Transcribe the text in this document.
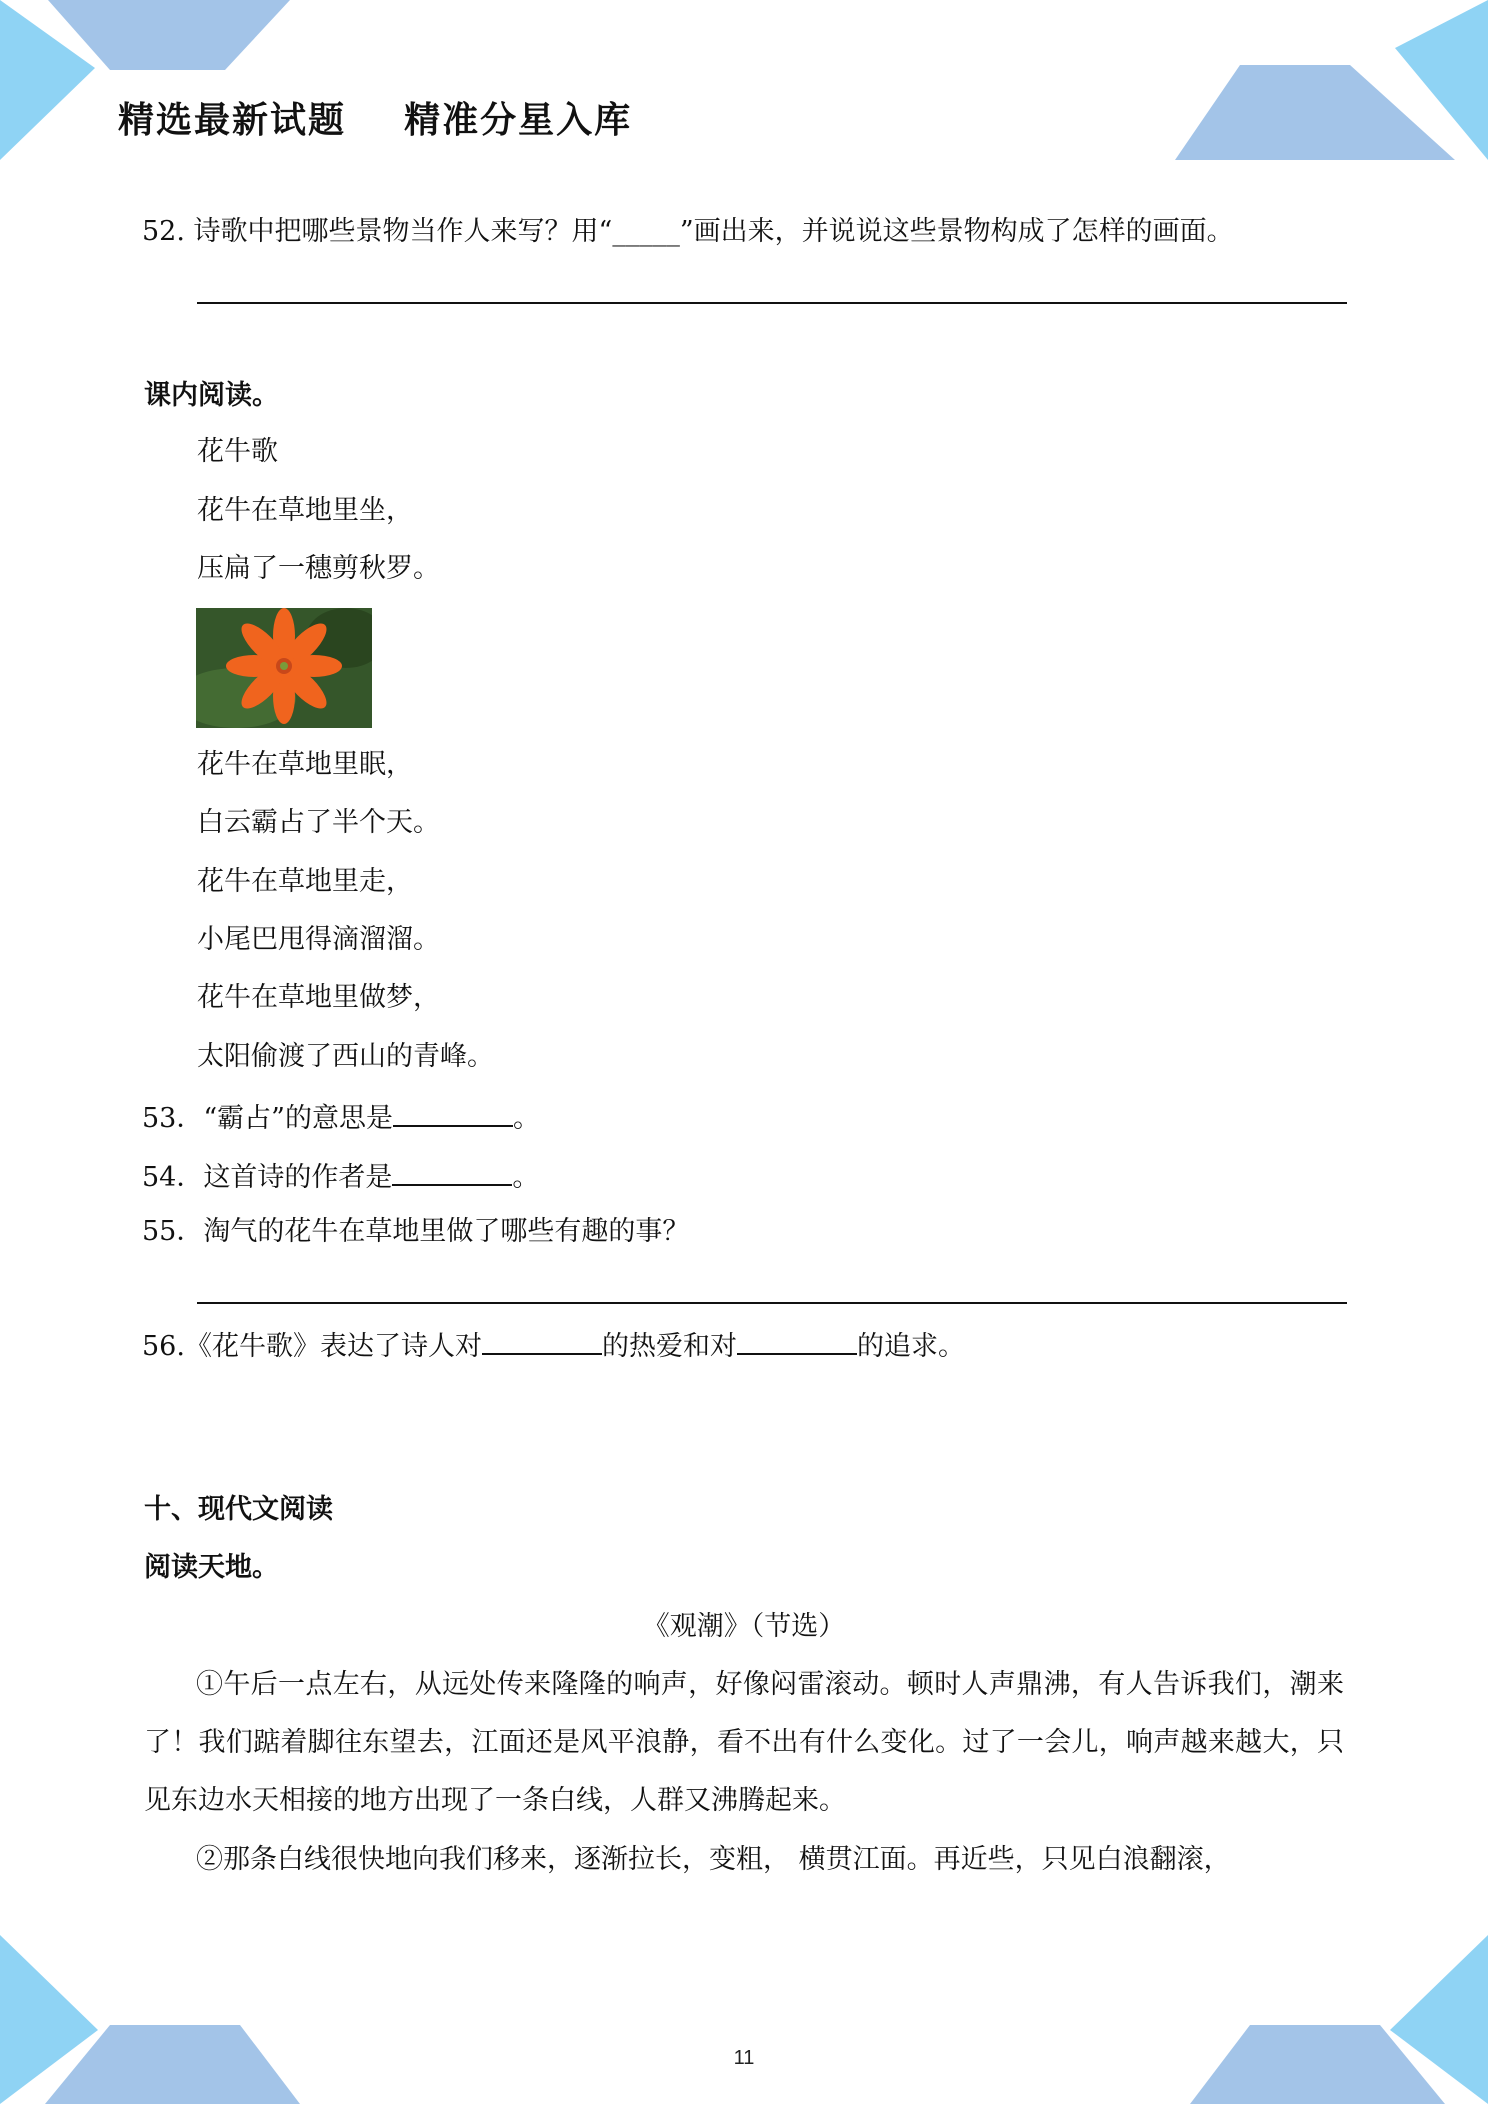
精选最新试题    精准分星入库
52. 诗歌中把哪些景物当作人来写？用“_____”画出来，并说说这些景物构成了怎样的画面。
课内阅读。
花牛歌
花牛在草地里坐，
压扁了一穗剪秋罗。
花牛在草地里眠，
白云霸占了半个天。
花牛在草地里走，
小尾巴甩得滴溜溜。
花牛在草地里做梦，
太阳偷渡了西山的青峰。
53．“霸占”的意思是	。
54．这首诗的作者是	。
55．淘气的花牛在草地里做了哪些有趣的事？
56.《花牛歌》表达了诗人对	的热爱和对	的追求。
十、现代文阅读
阅读天地。
《观潮》（节选）
①午后一点左右，从远处传来隆隆的响声，好像闷雷滚动。顿时人声鼎沸，有人告诉我们，潮来了！我们踮着脚往东望去，江面还是风平浪静，看不出有什么变化。过了一会儿，响声越来越大，只见东边水天相接的地方出现了一条白线，人群又沸腾起来。
②那条白线很快地向我们移来，逐渐拉长，变粗， 横贯江面。再近些，只见白浪翻滚，
11
